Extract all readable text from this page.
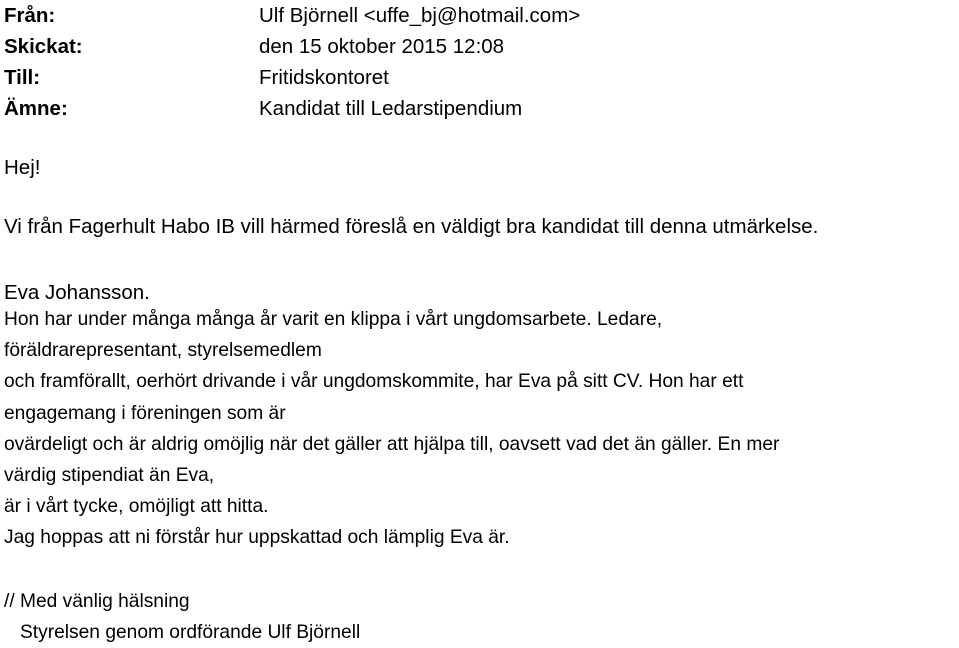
Från:	Ulf Björnell <uffe_bj@hotmail.com>
Skickat:	den 15 oktober 2015 12:08
Till:	Fritidskontoret
Ämne:	Kandidat till Ledarstipendium
Hej!
Vi från Fagerhult Habo IB vill härmed föreslå en väldigt bra kandidat till denna utmärkelse.
Eva Johansson.
Hon har under många många år varit en klippa i vårt ungdomsarbete. Ledare,
föräldrarepresentant, styrelsemedlem
och framförallt, oerhört drivande i vår ungdomskommite, har Eva på sitt CV. Hon har ett
engagemang i föreningen som är
ovärdeligt och är aldrig omöjlig när det gäller att hjälpa till, oavsett vad det än gäller. En mer
värdig stipendiat än Eva,
är i vårt tycke, omöjligt att hitta.
Jag hoppas att ni förstår hur uppskattad och lämplig Eva är.
// Med vänlig hälsning
Styrelsen genom ordförande Ulf Björnell
